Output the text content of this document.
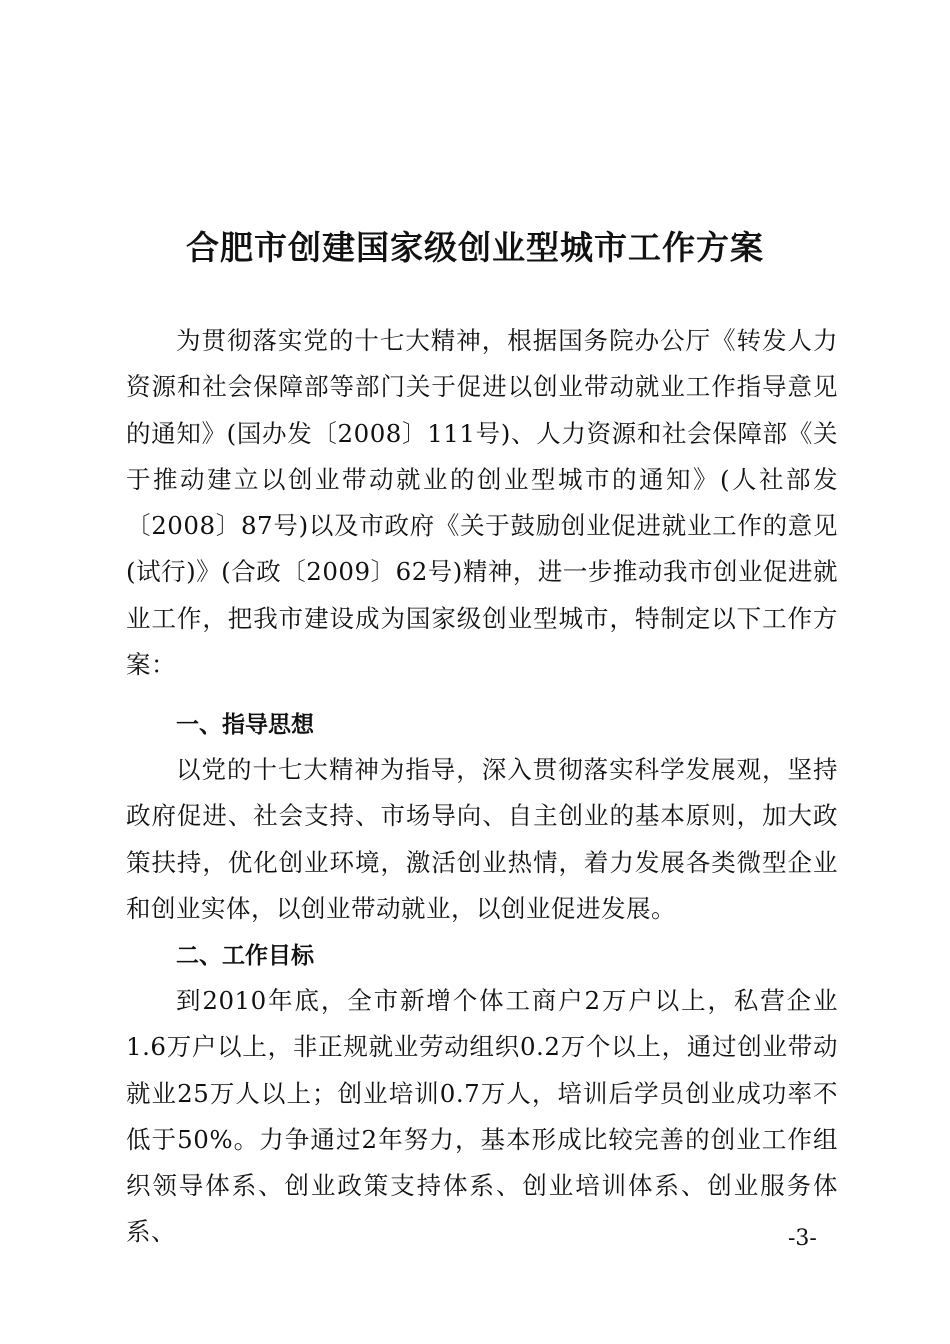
合肥市创建国家级创业型城市工作方案
为贯彻落实党的十七大精神，根据国务院办公厅《转发人力资源和社会保障部等部门关于促进以创业带动就业工作指导意见的通知》(国办发〔2008〕111号)、人力资源和社会保障部《关于推动建立以创业带动就业的创业型城市的通知》(人社部发〔2008〕87号)以及市政府《关于鼓励创业促进就业工作的意见(试行)》(合政〔2009〕62号)精神，进一步推动我市创业促进就业工作，把我市建设成为国家级创业型城市，特制定以下工作方案：
一、指导思想
以党的十七大精神为指导，深入贯彻落实科学发展观，坚持政府促进、社会支持、市场导向、自主创业的基本原则，加大政策扶持，优化创业环境，激活创业热情，着力发展各类微型企业和创业实体，以创业带动就业，以创业促进发展。
二、工作目标
到2010年底，全市新增个体工商户2万户以上，私营企业1.6万户以上，非正规就业劳动组织0.2万个以上，通过创业带动就业25万人以上；创业培训0.7万人，培训后学员创业成功率不低于50%。力争通过2年努力，基本形成比较完善的创业工作组织领导体系、创业政策支持体系、创业培训体系、创业服务体系、	-3-
